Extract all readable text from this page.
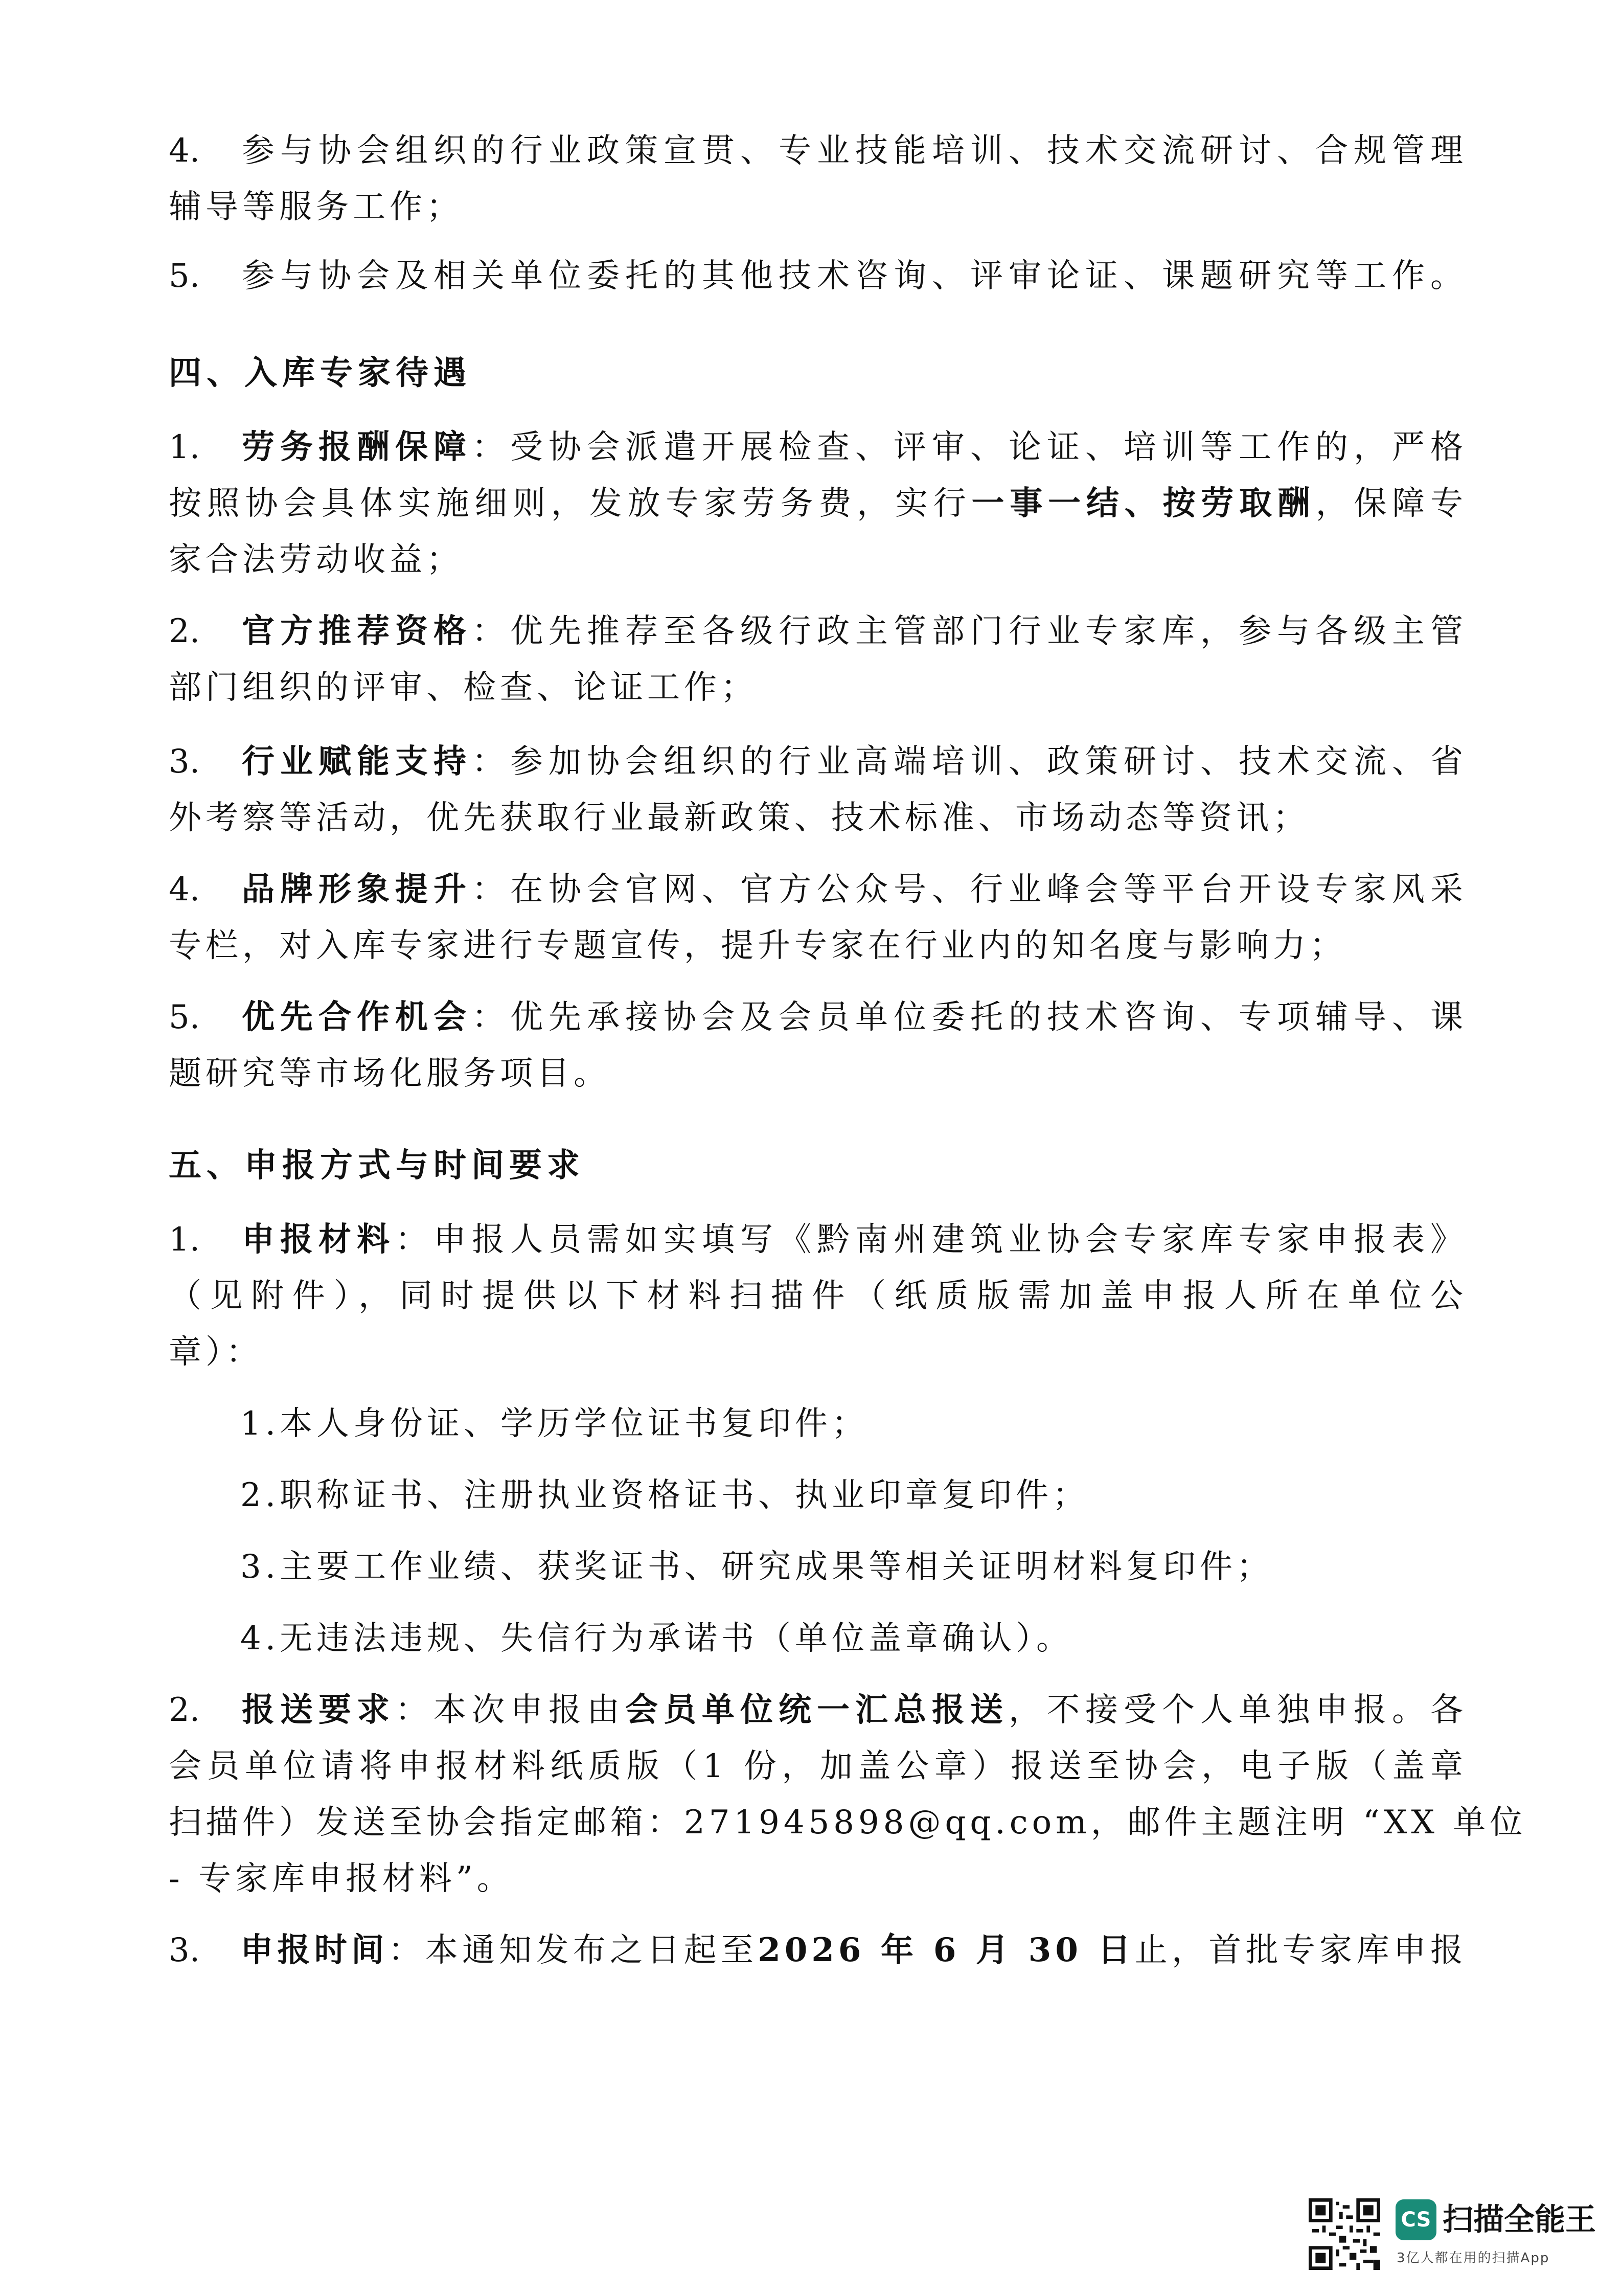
4. 参与协会组织的行业政策宣贯、专业技能培训、技术交流研讨、合规管理
辅导等服务工作；
5. 参与协会及相关单位委托的其他技术咨询、评审论证、课题研究等工作。
四、入库专家待遇
1. 劳务报酬保障：受协会派遣开展检查、评审、论证、培训等工作的，严格
按照协会具体实施细则，发放专家劳务费，实行一事一结、按劳取酬，保障专
家合法劳动收益；
2. 官方推荐资格：优先推荐至各级行政主管部门行业专家库，参与各级主管
部门组织的评审、检查、论证工作；
3. 行业赋能支持：参加协会组织的行业高端培训、政策研讨、技术交流、省
外考察等活动，优先获取行业最新政策、技术标准、市场动态等资讯；
4. 品牌形象提升：在协会官网、官方公众号、行业峰会等平台开设专家风采
专栏，对入库专家进行专题宣传，提升专家在行业内的知名度与影响力；
5. 优先合作机会：优先承接协会及会员单位委托的技术咨询、专项辅导、课
题研究等市场化服务项目。
五、申报方式与时间要求
1. 申报材料：申报人员需如实填写《黔南州建筑业协会专家库专家申报表》
（见附件），同时提供以下材料扫描件（纸质版需加盖申报人所在单位公
章）：
1.本人身份证、学历学位证书复印件；
2.职称证书、注册执业资格证书、执业印章复印件；
3.主要工作业绩、获奖证书、研究成果等相关证明材料复印件；
4.无违法违规、失信行为承诺书（单位盖章确认）。
2. 报送要求：本次申报由会员单位统一汇总报送，不接受个人单独申报。各
会员单位请将申报材料纸质版（1 份，加盖公章）报送至协会，电子版（盖章
扫描件）发送至协会指定邮箱：271945898@qq.com，邮件主题注明 “XX 单位
- 专家库申报材料”。
3. 申报时间：本通知发布之日起至2026 年 6 月 30 日止，首批专家库申报
CS 扫描全能王
3亿人都在用的扫描App
